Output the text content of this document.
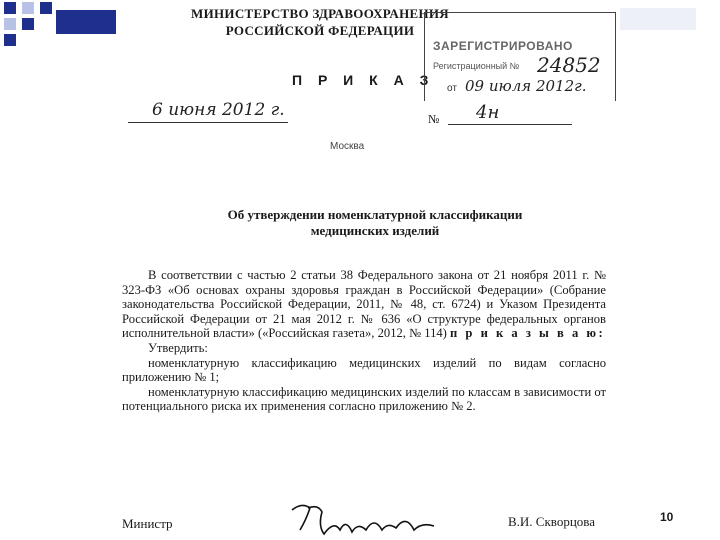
МИНИСТЕРСТВО ЗДРАВООХРАНЕНИЯ
РОССИЙСКОЙ ФЕДЕРАЦИИ
П Р И К А З
ЗАРЕГИСТРИРОВАНО
Регистрационный № 24852
от 09 июля 2012г.
6 июня 2012 г.	№ 4н
Москва
Об утверждении номенклатурной классификации
медицинских изделий

В соответствии с частью 2 статьи 38 Федерального закона от 21 ноября 2011 г. № 323-ФЗ «Об основах охраны здоровья граждан в Российской Федерации» (Собрание законодательства Российской Федерации, 2011, № 48, ст. 6724) и Указом Президента Российской Федерации от 21 мая 2012 г. № 636 «О структуре федеральных органов исполнительной власти» («Российская газета», 2012, № 114) п р и к а з ы в а ю:

Утвердить:

номенклатурную классификацию медицинских изделий по видам согласно приложению № 1;

номенклатурную классификацию медицинских изделий по классам в зависимости от потенциального риска их применения согласно приложению № 2.

Министр	В.И. Скворцова	10
